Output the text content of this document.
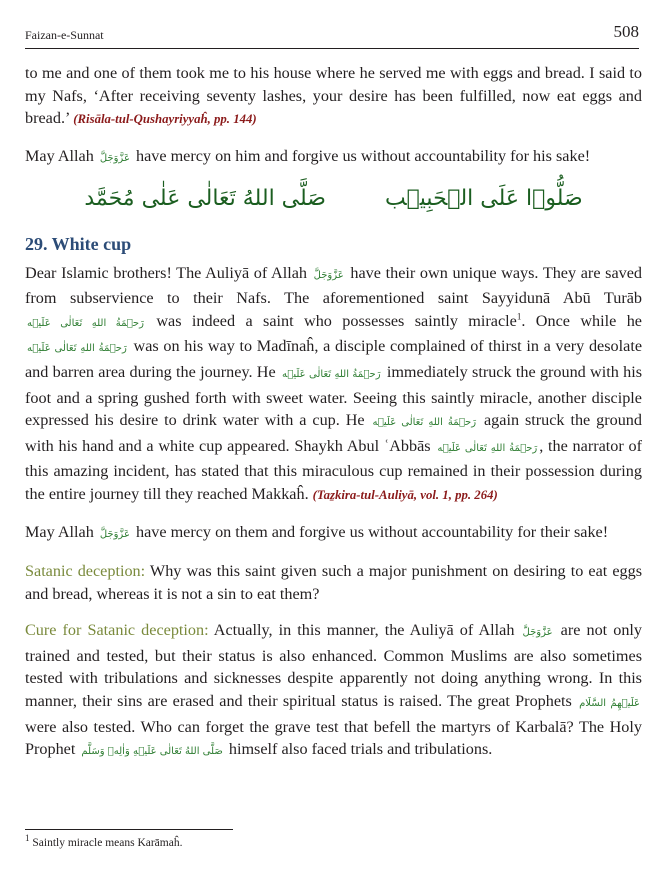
Faizan-e-Sunnat	508

to me and one of them took me to his house where he served me with eggs and bread. I said to my Nafs, ‘After receiving seventy lashes, your desire has been fulfilled, now eat eggs and bread.’ (Risāla-tul-Qushayriyyaĥ, pp. 144)

May Allah عَزَّوَجَلَّ have mercy on him and forgive us without accountability for his sake!

صَلُّوۡا عَلَی الۡحَبِیۡب صَلَّی اللهُ تَعَالٰی عَلٰی مُحَمَّد
29. White cup

Dear Islamic brothers! The Auliyā of Allah عَزَّوَجَلَّ have their own unique ways. They are saved from subservience to their Nafs. The aforementioned saint Sayyidunā Abū Turāb رَحۡمَةُ اللهِ تَعَالٰی عَلَیۡه was indeed a saint who possesses saintly miracle$^1$. Once while he رَحۡمَةُ اللهِ تَعَالٰی عَلَیۡه was on his way to Madīnaĥ, a disciple complained of thirst in a very desolate and barren area during the journey. He رَحۡمَةُ اللهِ تَعَالٰی عَلَیۡه immediately struck the ground with his foot and a spring gushed forth with sweet water. Seeing this saintly miracle, another disciple expressed his desire to drink water with a cup. He رَحۡمَةُ اللهِ تَعَالٰی عَلَیۡه again struck the ground with his hand and a white cup appeared. Shaykh Abul ʿAbbās رَحۡمَةُ اللهِ تَعَالٰی عَلَیۡه , the narrator of this amazing incident, has stated that this miraculous cup remained in their possession during the entire journey till they reached Makkaĥ. (Taẕkira-tul-Auliyā, vol. 1, pp. 264)

May Allah عَزَّوَجَلَّ have mercy on them and forgive us without accountability for their sake!

Satanic deception: Why was this saint given such a major punishment on desiring to eat eggs and bread, whereas it is not a sin to eat them?

Cure for Satanic deception: Actually, in this manner, the Auliyā of Allah عَزَّوَجَلَّ are not only trained and tested, but their status is also enhanced. Common Muslims are also sometimes tested with tribulations and sicknesses despite apparently not doing anything wrong. In this manner, their sins are erased and their spiritual status is raised. The great Prophets عَلَیۡهِمُ السَّلَام were also tested. Who can forget the grave test that befell the martyrs of Karbalā? The Holy Prophet صَلَّی اللهُ تَعَالٰی عَلَیۡهِ وَاٰلِهٖ وَسَلَّم himself also faced trials and tribulations.

$^1$ Saintly miracle means Karāmaĥ.
